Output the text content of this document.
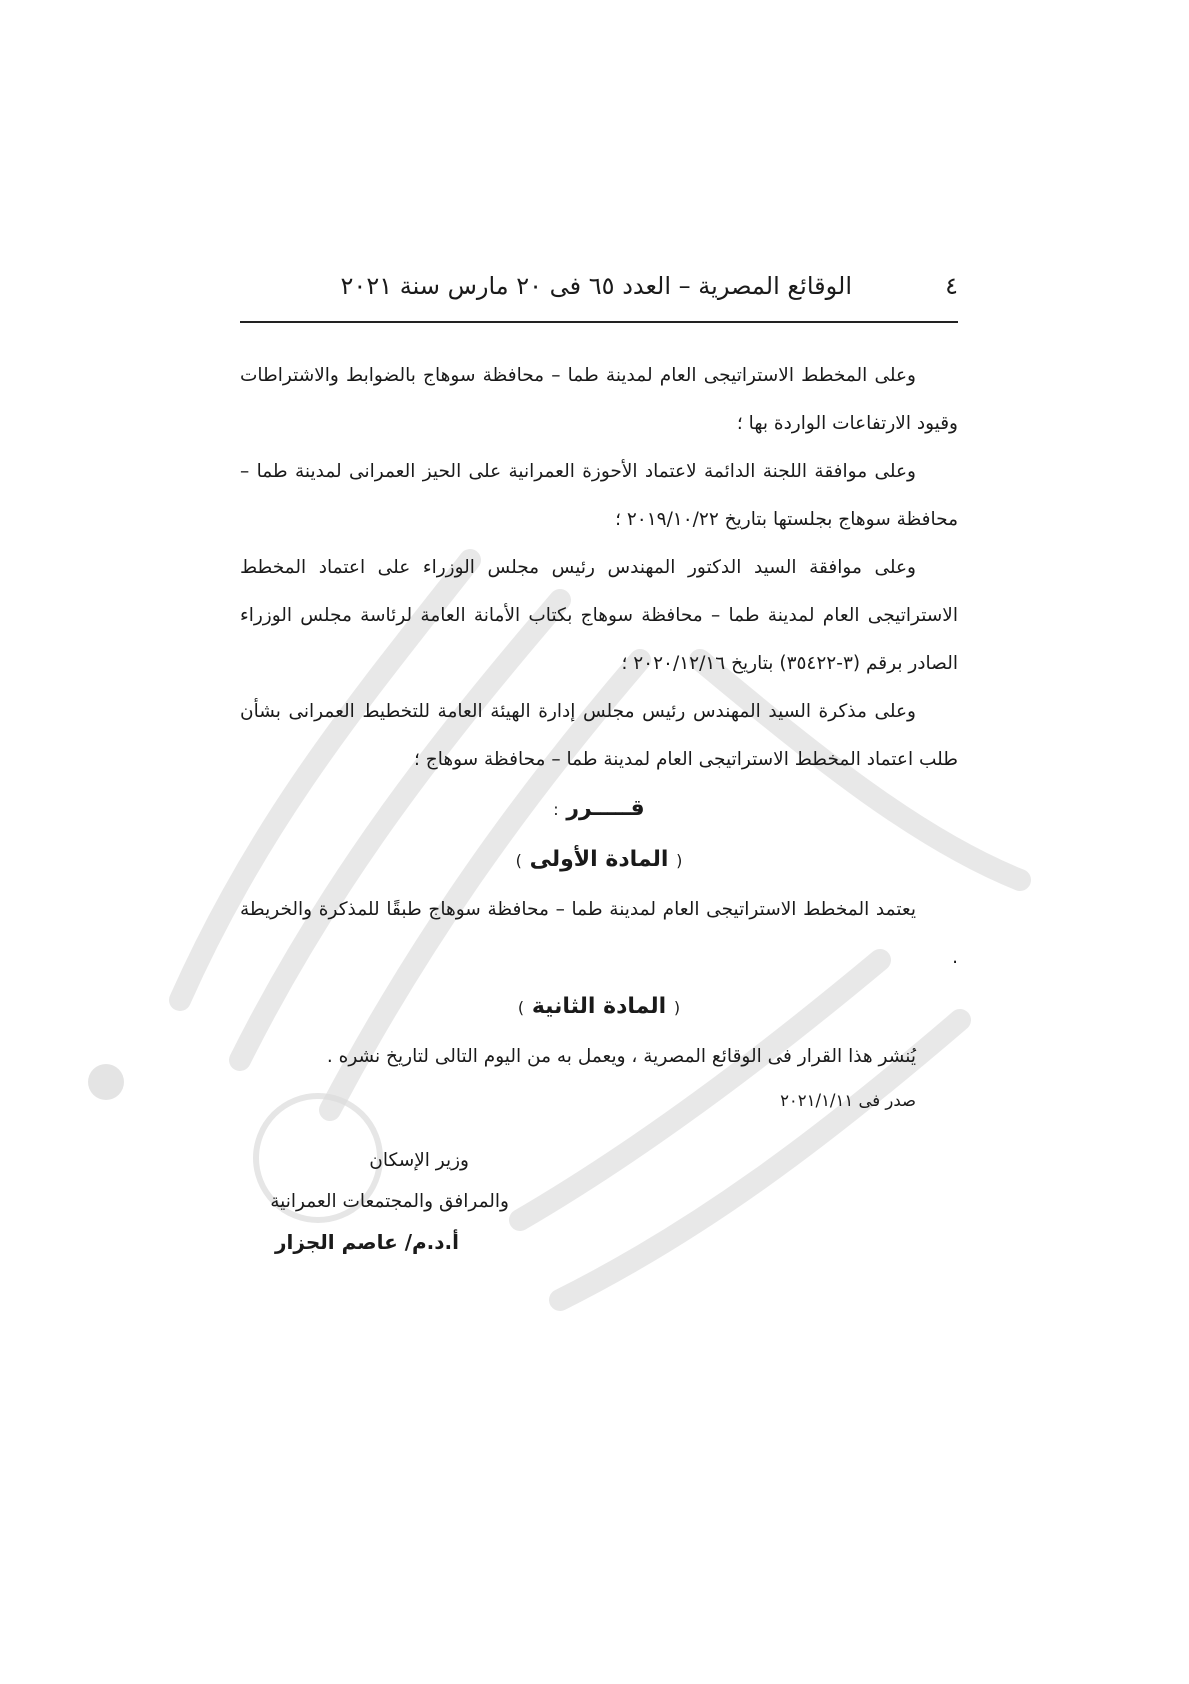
٤
الوقائع المصرية – العدد ٦٥ فى ٢٠ مارس سنة ٢٠٢١

وعلى المخطط الاستراتيجى العام لمدينة طما – محافظة سوهاج بالضوابط والاشتراطات وقيود الارتفاعات الواردة بها ؛

وعلى موافقة اللجنة الدائمة لاعتماد الأحوزة العمرانية على الحيز العمرانى لمدينة طما – محافظة سوهاج بجلستها بتاريخ ٢٠١٩/١٠/٢٢ ؛

وعلى موافقة السيد الدكتور المهندس رئيس مجلس الوزراء على اعتماد المخطط الاستراتيجى العام لمدينة طما – محافظة سوهاج بكتاب الأمانة العامة لرئاسة مجلس الوزراء الصادر برقم (٣-٣٥٤٢٢) بتاريخ ٢٠٢٠/١٢/١٦ ؛

وعلى مذكرة السيد المهندس رئيس مجلس إدارة الهيئة العامة للتخطيط العمرانى بشأن طلب اعتماد المخطط الاستراتيجى العام لمدينة طما – محافظة سوهاج ؛

قـــــرر :

( المادة الأولى )

يعتمد المخطط الاستراتيجى العام لمدينة طما – محافظة سوهاج طبقًا للمذكرة والخريطة .

( المادة الثانية )

يُنشر هذا القرار فى الوقائع المصرية ، ويعمل به من اليوم التالى لتاريخ نشره .

صدر فى ٢٠٢١/١/١١

وزير الإسكان
والمرافق والمجتمعات العمرانية
أ.د.م/ عاصم الجزار
